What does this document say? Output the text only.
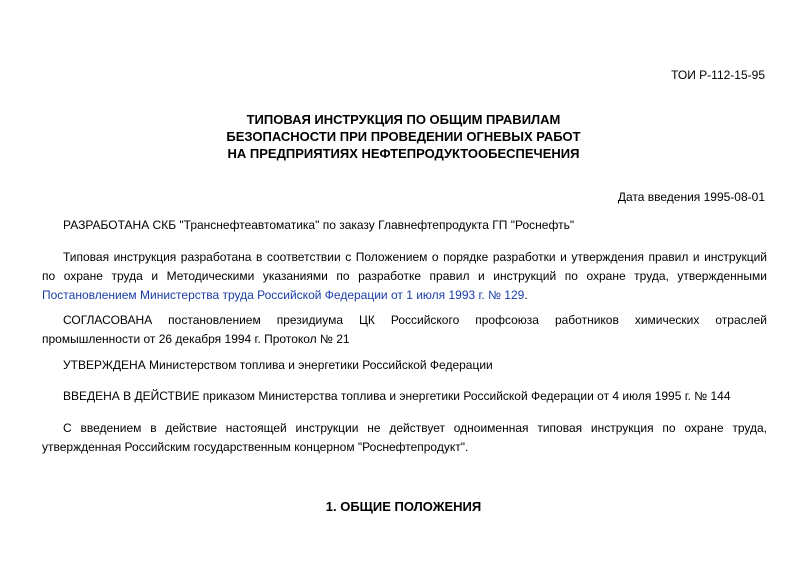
ТОИ Р-112-15-95
ТИПОВАЯ ИНСТРУКЦИЯ ПО ОБЩИМ ПРАВИЛАМ
БЕЗОПАСНОСТИ ПРИ ПРОВЕДЕНИИ ОГНЕВЫХ РАБОТ
НА ПРЕДПРИЯТИЯХ НЕФТЕПРОДУКТООБЕСПЕЧЕНИЯ
Дата введения 1995-08-01

РАЗРАБОТАНА СКБ "Транснефтеавтоматика" по заказу Главнефтепродукта ГП "Роснефть"

Типовая инструкция разработана в соответствии с Положением о порядке разработки и утверждения правил и инструкций по охране труда и Методическими указаниями по разработке правил и инструкций по охране труда, утвержденными Постановлением Министерства труда Российской Федерации от 1 июля 1993 г. № 129.

СОГЛАСОВАНА постановлением президиума ЦК Российского профсоюза работников химических отраслей промышленности от 26 декабря 1994 г. Протокол № 21

УТВЕРЖДЕНА Министерством топлива и энергетики Российской Федерации

ВВЕДЕНА В ДЕЙСТВИЕ приказом Министерства топлива и энергетики Российской Федерации от 4 июля 1995 г. № 144

С введением в действие настоящей инструкции не действует одноименная типовая инструкция по охране труда, утвержденная Российским государственным концерном "Роснефтепродукт".

1. ОБЩИЕ ПОЛОЖЕНИЯ
